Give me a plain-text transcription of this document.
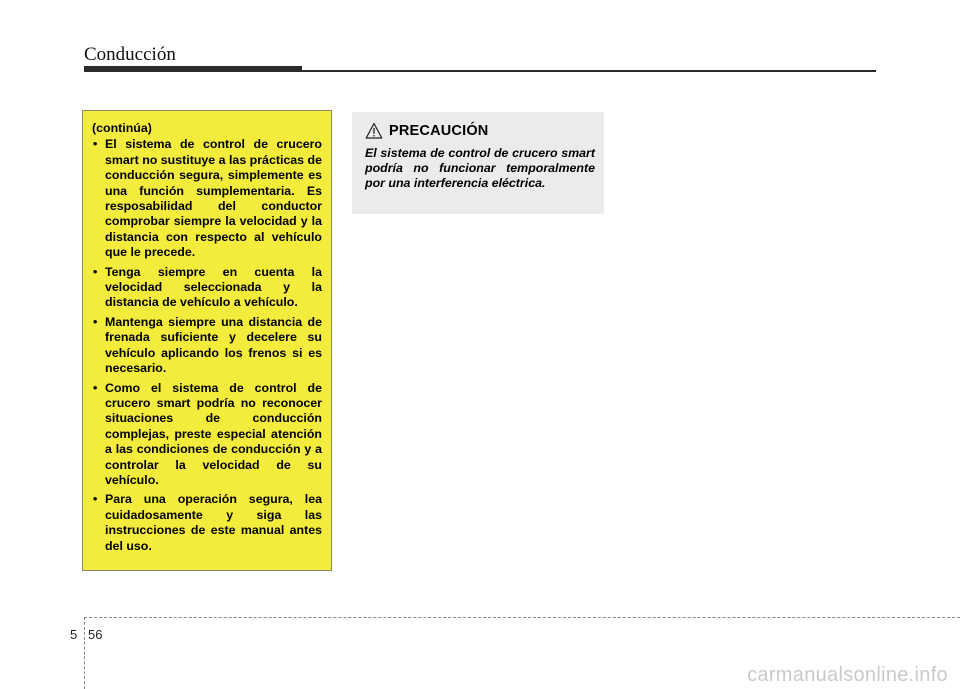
Conducción
(continúa)
• El sistema de control de crucero smart no sustituye a las prácticas de conducción segura, simplemente es una función sumplementaria. Es resposabilidad del conductor comprobar siempre la velocidad y la distancia con respecto al vehículo que le precede.
• Tenga siempre en cuenta la velocidad seleccionada y la distancia de vehículo a vehículo.
• Mantenga siempre una distancia de frenada suficiente y decelere su vehículo aplicando los frenos si es necesario.
• Como el sistema de control de crucero smart podría no reconocer situaciones de conducción complejas, preste especial atención a las condiciones de conducción y a controlar la velocidad de su vehículo.
• Para una operación segura, lea cuidadosamente y siga las instrucciones de este manual antes del uso.
PRECAUCIÓN

El sistema de control de crucero smart podría no funcionar temporalmente por una interferencia eléctrica.

5 56
carmanualsonline.info
